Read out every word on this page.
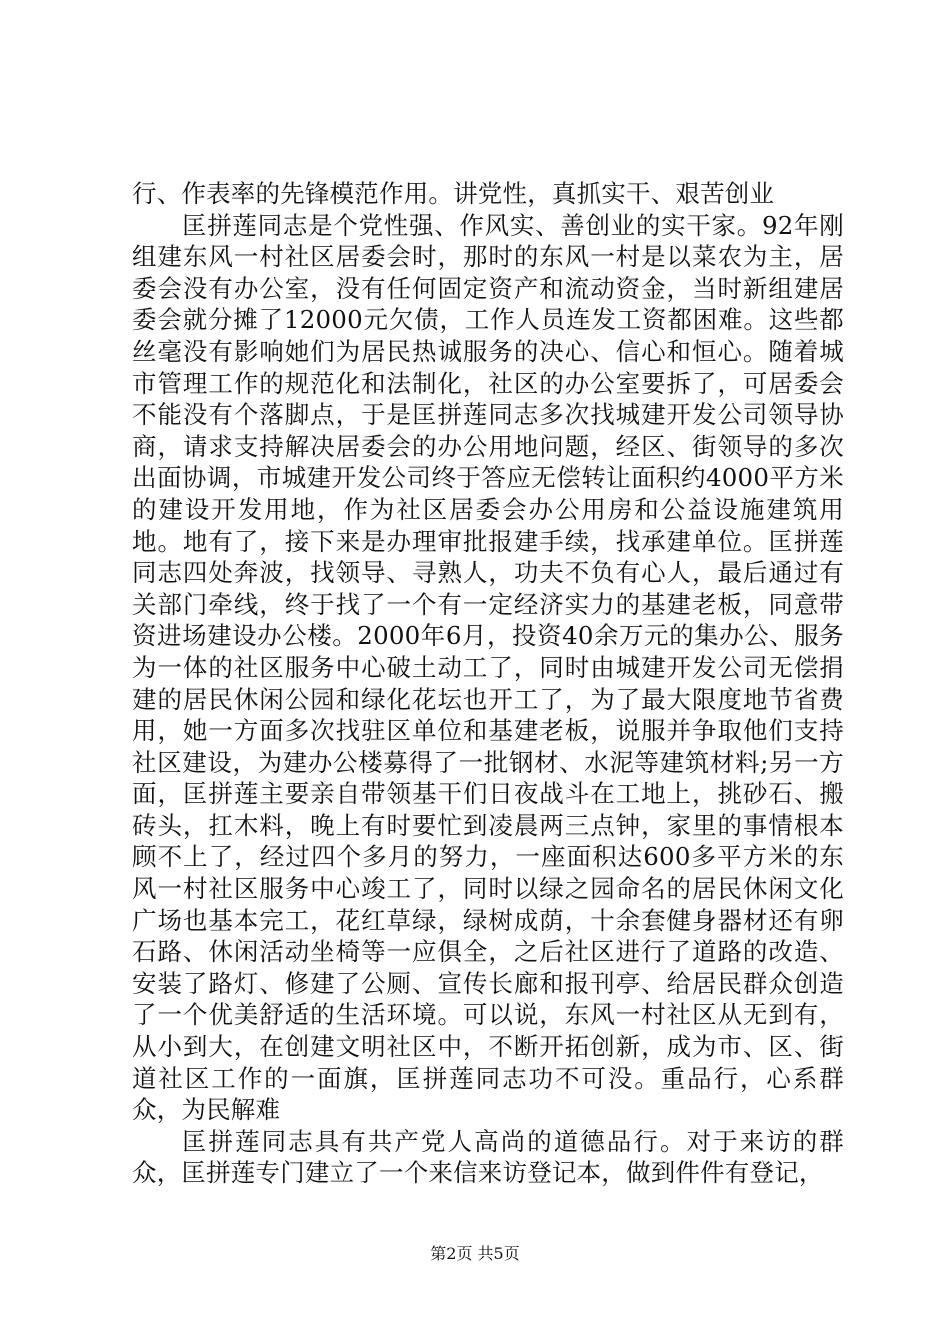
行、作表率的先锋模范作用。讲党性，真抓实干、艰苦创业

匡拼莲同志是个党性强、作风实、善创业的实干家。92年刚组建东风一村社区居委会时，那时的东风一村是以菜农为主，居委会没有办公室，没有任何固定资产和流动资金，当时新组建居委会就分摊了12000元欠债，工作人员连发工资都困难。这些都丝毫没有影响她们为居民热诚服务的决心、信心和恒心。随着城市管理工作的规范化和法制化，社区的办公室要拆了，可居委会不能没有个落脚点，于是匡拼莲同志多次找城建开发公司领导协商，请求支持解决居委会的办公用地问题，经区、街领导的多次出面协调，市城建开发公司终于答应无偿转让面积约4000平方米的建设开发用地，作为社区居委会办公用房和公益设施建筑用地。地有了，接下来是办理审批报建手续，找承建单位。匡拼莲同志四处奔波，找领导、寻熟人，功夫不负有心人，最后通过有关部门牵线，终于找了一个有一定经济实力的基建老板，同意带资进场建设办公楼。2000年6月，投资40余万元的集办公、服务为一体的社区服务中心破土动工了，同时由城建开发公司无偿捐建的居民休闲公园和绿化花坛也开工了，为了最大限度地节省费用，她一方面多次找驻区单位和基建老板，说服并争取他们支持社区建设，为建办公楼募得了一批钢材、水泥等建筑材料;另一方面，匡拼莲主要亲自带领基干们日夜战斗在工地上，挑砂石、搬砖头，扛木料，晚上有时要忙到凌晨两三点钟，家里的事情根本顾不上了，经过四个多月的努力，一座面积达600多平方米的东风一村社区服务中心竣工了，同时以绿之园命名的居民休闲文化广场也基本完工，花红草绿，绿树成荫，十余套健身器材还有卵石路、休闲活动坐椅等一应俱全，之后社区进行了道路的改造、安装了路灯、修建了公厕、宣传长廊和报刊亭、给居民群众创造了一个优美舒适的生活环境。可以说，东风一村社区从无到有，从小到大，在创建文明社区中，不断开拓创新，成为市、区、街道社区工作的一面旗，匡拼莲同志功不可没。重品行，心系群众，为民解难

匡拼莲同志具有共产党人高尚的道德品行。对于来访的群众，匡拼莲专门建立了一个来信来访登记本，做到件件有登记，

第2页 共5页
